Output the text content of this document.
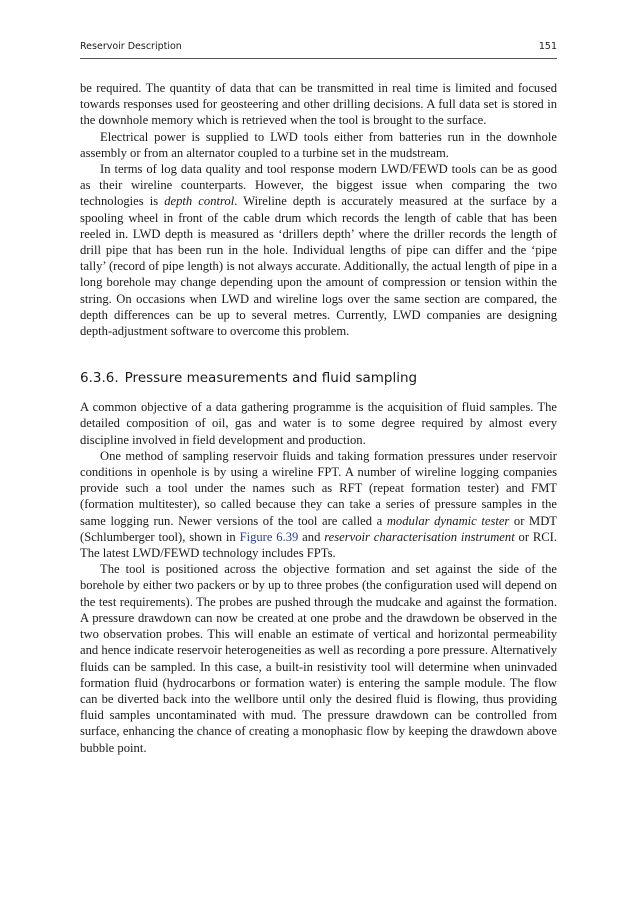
Reservoir Description	151

be required. The quantity of data that can be transmitted in real time is limited and focused towards responses used for geosteering and other drilling decisions. A full data set is stored in the downhole memory which is retrieved when the tool is brought to the surface.

Electrical power is supplied to LWD tools either from batteries run in the downhole assembly or from an alternator coupled to a turbine set in the mudstream.

In terms of log data quality and tool response modern LWD/FEWD tools can be as good as their wireline counterparts. However, the biggest issue when comparing the two technologies is depth control. Wireline depth is accurately measured at the surface by a spooling wheel in front of the cable drum which records the length of cable that has been reeled in. LWD depth is measured as ‘drillers depth’ where the driller records the length of drill pipe that has been run in the hole. Individual lengths of pipe can differ and the ‘pipe tally’ (record of pipe length) is not always accurate. Additionally, the actual length of pipe in a long borehole may change depending upon the amount of compression or tension within the string. On occasions when LWD and wireline logs over the same section are compared, the depth differences can be up to several metres. Currently, LWD companies are designing depth-adjustment software to overcome this problem.

6.3.6. Pressure measurements and fluid sampling

A common objective of a data gathering programme is the acquisition of fluid samples. The detailed composition of oil, gas and water is to some degree required by almost every discipline involved in field development and production.

One method of sampling reservoir fluids and taking formation pressures under reservoir conditions in openhole is by using a wireline FPT. A number of wireline logging companies provide such a tool under the names such as RFT (repeat formation tester) and FMT (formation multitester), so called because they can take a series of pressure samples in the same logging run. Newer versions of the tool are called a modular dynamic tester or MDT (Schlumberger tool), shown in Figure 6.39 and reservoir characterisation instrument or RCI. The latest LWD/FEWD technology includes FPTs.

The tool is positioned across the objective formation and set against the side of the borehole by either two packers or by up to three probes (the configuration used will depend on the test requirements). The probes are pushed through the mudcake and against the formation. A pressure drawdown can now be created at one probe and the drawdown be observed in the two observation probes. This will enable an estimate of vertical and horizontal permeability and hence indicate reservoir heterogeneities as well as recording a pore pressure. Alternatively fluids can be sampled. In this case, a built-in resistivity tool will determine when uninvaded formation fluid (hydrocarbons or formation water) is entering the sample module. The flow can be diverted back into the wellbore until only the desired fluid is flowing, thus providing fluid samples uncontaminated with mud. The pressure drawdown can be controlled from surface, enhancing the chance of creating a monophasic flow by keeping the drawdown above bubble point.
